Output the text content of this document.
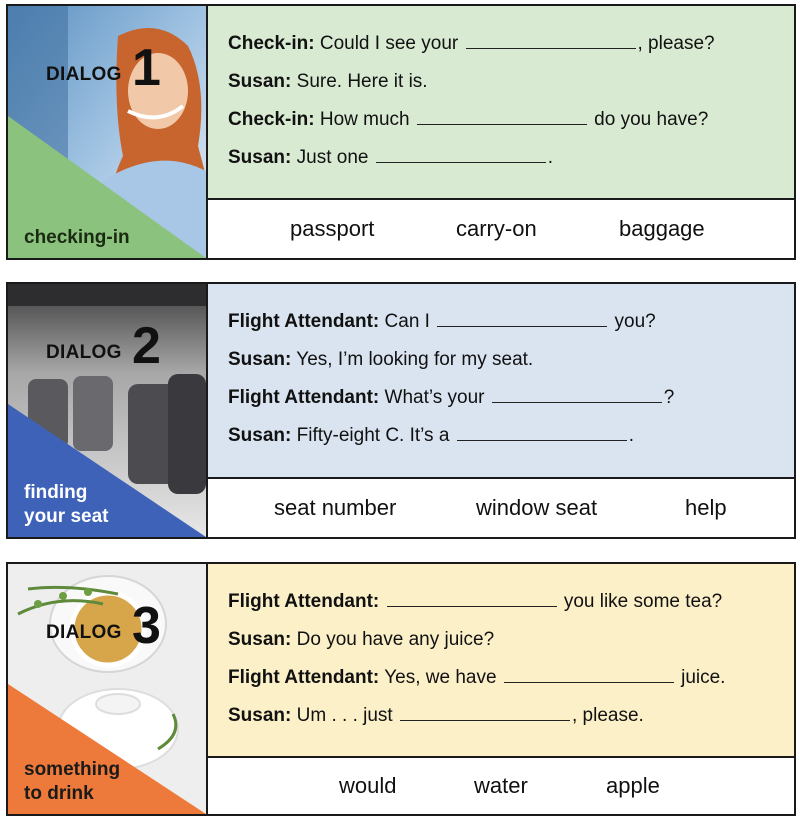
DIALOG 1
checking-in
Check-in: Could I see your	, please?
Susan: Sure. Here it is.
Check-in: How much	do you have?
Susan: Just one	.
passport	carry-on	baggage
DIALOG 2
finding
your seat
Flight Attendant: Can I	you?
Susan: Yes, I’m looking for my seat.
Flight Attendant: What’s your	?
Susan: Fifty-eight C. It’s a	.
seat number	window seat	help
DIALOG 3
something
to drink
Flight Attendant:	you like some tea?
Susan: Do you have any juice?
Flight Attendant: Yes, we have	juice.
Susan: Um . . . just	, please.
would	water	apple
